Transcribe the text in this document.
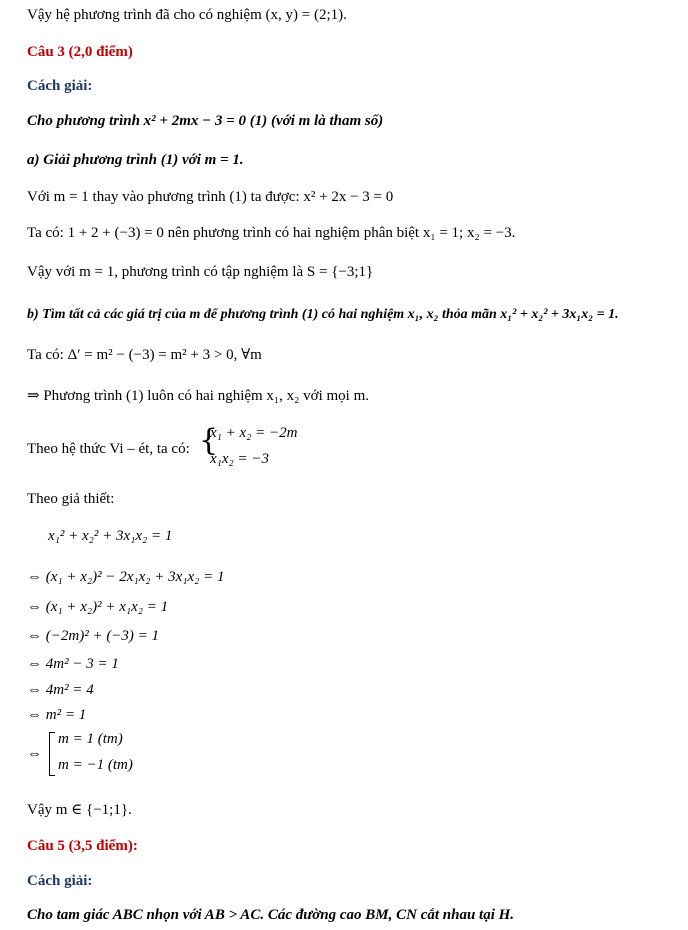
Vậy hệ phương trình đã cho có nghiệm (x, y) = (2;1).
Câu 3 (2,0 điểm)
Cách giải:
Cho phương trình x² + 2mx − 3 = 0 (1) (với m là tham số)
a) Giải phương trình (1) với m = 1.
Với m = 1 thay vào phương trình (1) ta được: x² + 2x − 3 = 0
Ta có: 1 + 2 + (−3) = 0 nên phương trình có hai nghiệm phân biệt x₁ = 1; x₂ = −3.
Vậy với m = 1, phương trình có tập nghiệm là S = {−3;1}
b) Tìm tất cả các giá trị của m để phương trình (1) có hai nghiệm x₁, x₂ thỏa mãn x₁² + x₂² + 3x₁x₂ = 1.
Ta có: Δ′ = m² − (−3) = m² + 3 > 0, ∀m
⇒ Phương trình (1) luôn có hai nghiệm x₁, x₂ với mọi m.
Theo hệ thức Vi – ét, ta có: {
x₁ + x₂ = −2m
x₁x₂ = −3
Theo giả thiết:
x₁² + x₂² + 3x₁x₂ = 1
⇔ (x₁ + x₂)² − 2x₁x₂ + 3x₁x₂ = 1
⇔ (x₁ + x₂)² + x₁x₂ = 1
⇔ (−2m)² + (−3) = 1
⇔ 4m² − 3 = 1
⇔ 4m² = 4
⇔ m² = 1
⇔
m = 1 (tm)
m = −1 (tm)
Vậy m ∈ {−1;1}.
Câu 5 (3,5 điểm):
Cách giải:
Cho tam giác ABC nhọn với AB > AC. Các đường cao BM, CN cắt nhau tại H.
